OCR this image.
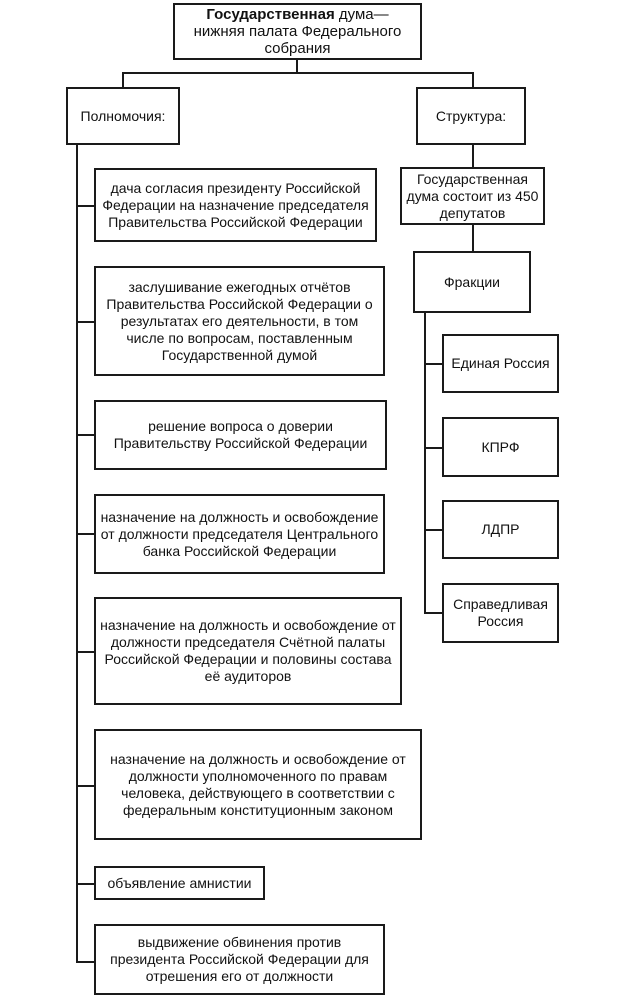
Государственная дума—
нижняя палата Федерального
собрания
Полномочия:	Структура:
дача согласия президенту Российской Федерации на назначение председателя Правительства Российской Федерации
заслушивание ежегодных отчётов Правительства Российской Федерации о результатах его деятельности, в том числе по вопросам, поставленным Государственной думой
решение вопроса о доверии Правительству Российской Федерации
назначение на должность и освобождение от должности председателя Центрального банка Российской Федерации
назначение на должность и освобождение от должности председателя Счётной палаты Российской Федерации и половины состава её аудиторов
назначение на должность и освобождение от должности уполномоченного по правам человека, действующего в соответствии с федеральным конституционным законом
объявление амнистии
выдвижение обвинения против президента Российской Федерации для отрешения его от должности
Государственная дума состоит из 450 депутатов
Фракции
Единая Россия
КПРФ
ЛДПР
Справедливая Россия
